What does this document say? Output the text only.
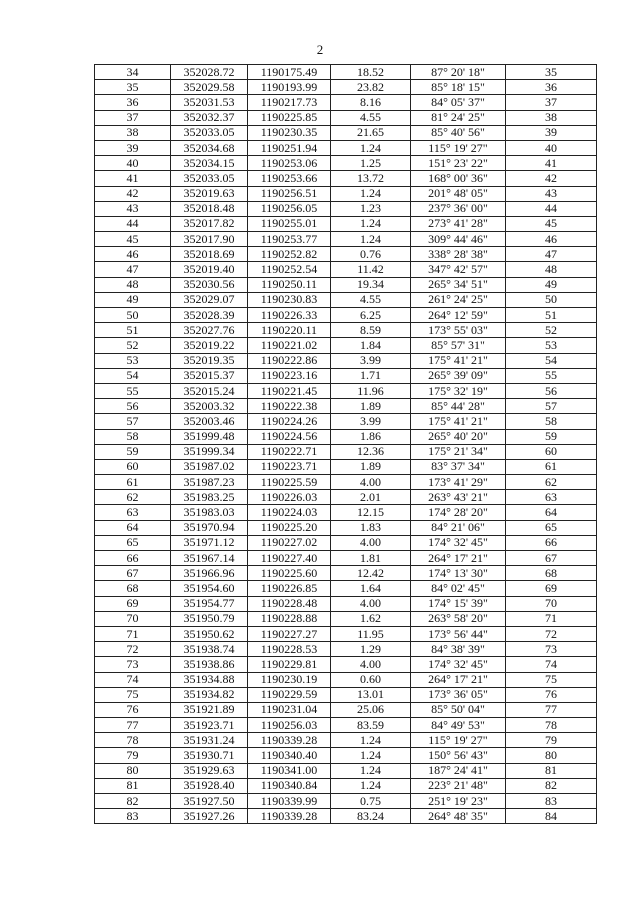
2
34	352028.72	1190175.49	18.52	87° 20' 18"	35
35	352029.58	1190193.99	23.82	85° 18' 15"	36
36	352031.53	1190217.73	8.16	84° 05' 37"	37
37	352032.37	1190225.85	4.55	81° 24' 25"	38
38	352033.05	1190230.35	21.65	85° 40' 56"	39
39	352034.68	1190251.94	1.24	115° 19' 27"	40
40	352034.15	1190253.06	1.25	151° 23' 22"	41
41	352033.05	1190253.66	13.72	168° 00' 36"	42
42	352019.63	1190256.51	1.24	201° 48' 05"	43
43	352018.48	1190256.05	1.23	237° 36' 00"	44
44	352017.82	1190255.01	1.24	273° 41' 28"	45
45	352017.90	1190253.77	1.24	309° 44' 46"	46
46	352018.69	1190252.82	0.76	338° 28' 38"	47
47	352019.40	1190252.54	11.42	347° 42' 57"	48
48	352030.56	1190250.11	19.34	265° 34' 51"	49
49	352029.07	1190230.83	4.55	261° 24' 25"	50
50	352028.39	1190226.33	6.25	264° 12' 59"	51
51	352027.76	1190220.11	8.59	173° 55' 03"	52
52	352019.22	1190221.02	1.84	85° 57' 31"	53
53	352019.35	1190222.86	3.99	175° 41' 21"	54
54	352015.37	1190223.16	1.71	265° 39' 09"	55
55	352015.24	1190221.45	11.96	175° 32' 19"	56
56	352003.32	1190222.38	1.89	85° 44' 28"	57
57	352003.46	1190224.26	3.99	175° 41' 21"	58
58	351999.48	1190224.56	1.86	265° 40' 20"	59
59	351999.34	1190222.71	12.36	175° 21' 34"	60
60	351987.02	1190223.71	1.89	83° 37' 34"	61
61	351987.23	1190225.59	4.00	173° 41' 29"	62
62	351983.25	1190226.03	2.01	263° 43' 21"	63
63	351983.03	1190224.03	12.15	174° 28' 20"	64
64	351970.94	1190225.20	1.83	84° 21' 06"	65
65	351971.12	1190227.02	4.00	174° 32' 45"	66
66	351967.14	1190227.40	1.81	264° 17' 21"	67
67	351966.96	1190225.60	12.42	174° 13' 30"	68
68	351954.60	1190226.85	1.64	84° 02' 45"	69
69	351954.77	1190228.48	4.00	174° 15' 39"	70
70	351950.79	1190228.88	1.62	263° 58' 20"	71
71	351950.62	1190227.27	11.95	173° 56' 44"	72
72	351938.74	1190228.53	1.29	84° 38' 39"	73
73	351938.86	1190229.81	4.00	174° 32' 45"	74
74	351934.88	1190230.19	0.60	264° 17' 21"	75
75	351934.82	1190229.59	13.01	173° 36' 05"	76
76	351921.89	1190231.04	25.06	85° 50' 04"	77
77	351923.71	1190256.03	83.59	84° 49' 53"	78
78	351931.24	1190339.28	1.24	115° 19' 27"	79
79	351930.71	1190340.40	1.24	150° 56' 43"	80
80	351929.63	1190341.00	1.24	187° 24' 41"	81
81	351928.40	1190340.84	1.24	223° 21' 48"	82
82	351927.50	1190339.99	0.75	251° 19' 23"	83
83	351927.26	1190339.28	83.24	264° 48' 35"	84
